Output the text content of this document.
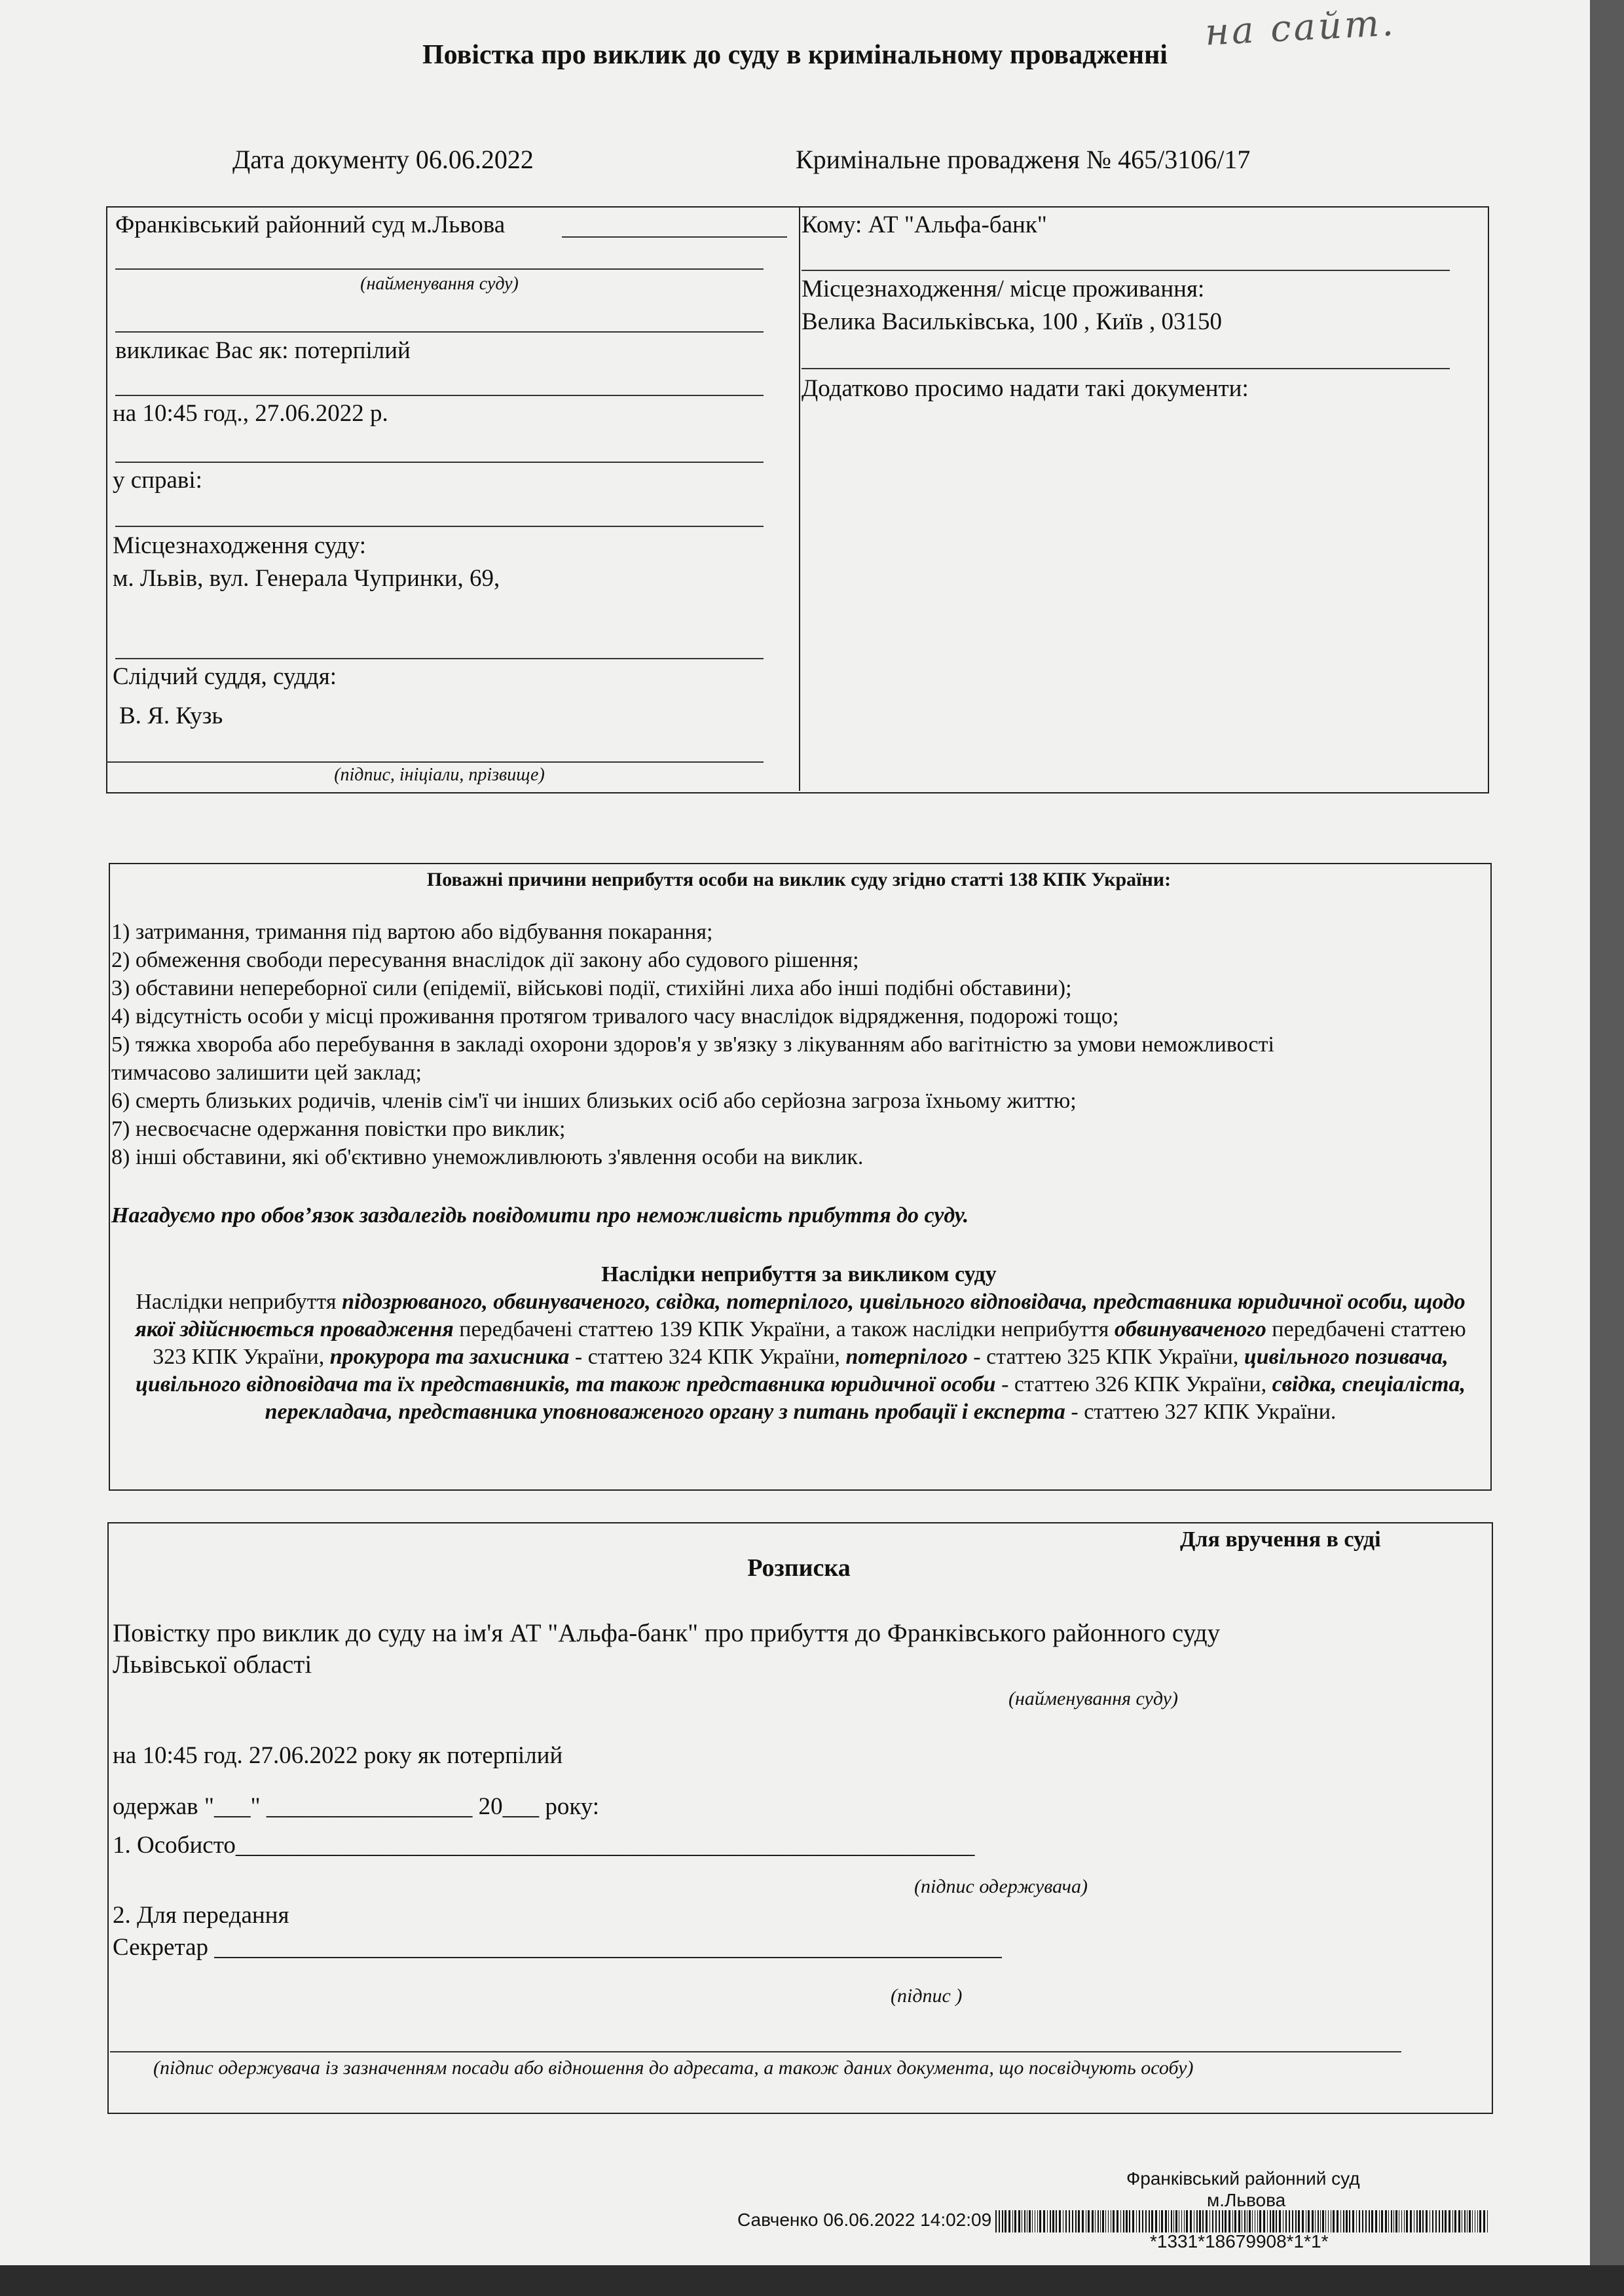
на сайт.
Повістка про виклик до суду в кримінальному провадженні
Дата документу 06.06.2022	Кримінальне провадженя № 465/3106/17
Франківський районний суд м.Львова
(найменування суду)
викликає Вас як: потерпілий
на 10:45 год., 27.06.2022 р.
у справі:
Місцезнаходження суду:
м. Львів, вул. Генерала Чупринки, 69,
Слідчий суддя, суддя:
В. Я. Кузь
(підпис, ініціали, прізвище)
Кому: АТ "Альфа-банк"
Місцезнаходження/ місце проживання:
Велика Васильківська, 100 , Київ , 03150
Додатково просимо надати такі документи:
Поважні причини неприбуття особи на виклик суду згідно статті 138 КПК України:
1) затримання, тримання під вартою або відбування покарання;
2) обмеження свободи пересування внаслідок дії закону або судового рішення;
3) обставини непереборної сили (епідемії, військові події, стихійні лиха або інші подібні обставини);
4) відсутність особи у місці проживання протягом тривалого часу внаслідок відрядження, подорожі тощо;
5) тяжка хвороба або перебування в закладі охорони здоров'я у зв'язку з лікуванням або вагітністю за умови неможливості
тимчасово залишити цей заклад;
6) смерть близьких родичів, членів сім'ї чи інших близьких осіб або серйозна загроза їхньому життю;
7) несвоєчасне одержання повістки про виклик;
8) інші обставини, які об'єктивно унеможливлюють з'явлення особи на виклик.
Нагадуємо про обов’язок заздалегідь повідомити про неможливість прибуття до суду.
Наслідки неприбуття за викликом суду
Наслідки неприбуття підозрюваного, обвинуваченого, свідка, потерпілого, цивільного відповідача, представника юридичної особи, щодо якої здійснюється провадження передбачені статтею 139 КПК України, а також наслідки неприбуття обвинуваченого передбачені статтею 323 КПК України, прокурора та захисника - статтею 324 КПК України, потерпілого - статтею 325 КПК України, цивільного позивача, цивільного відповідача та їх представників, та також представника юридичної особи - статтею 326 КПК України, свідка, спеціаліста, перекладача, представника уповноваженого органу з питань пробації і експерта - статтею 327 КПК України.
Для вручення в суді
Розписка
Повістку про виклик до суду на ім'я АТ "Альфа-банк" про прибуття до Франківського районного суду
Львівської області
(найменування суду)
на 10:45 год. 27.06.2022 року як потерпілий
одержав "___" _________________ 20___ року:
1. Особисто_____________________________________________________________
(підпис одержувача)
2. Для передання
Секретар _________________________________________________________________
(підпис )
(підпис одержувача із зазначенням посади або відношення до адресата, а також даних документа, що посвідчують особу)
Франківський районний суд
м.Львова
Савченко 06.06.2022 14:02:09
*1331*18679908*1*1*
